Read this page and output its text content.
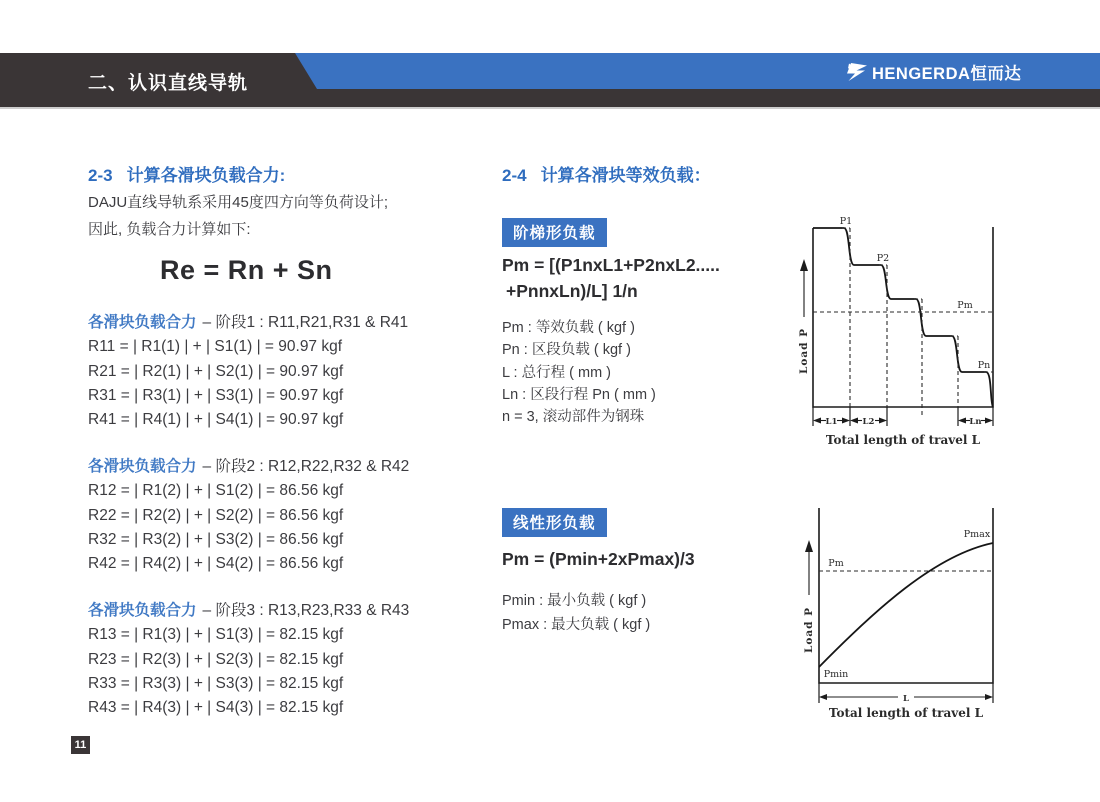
二、认识直线导轨	HENGERDA恒而达
2-3 计算各滑块负载合力:
DAJU直线导轨系采用45度四方向等负荷设计;
因此, 负载合力计算如下:
Re = Rn + Sn
各滑块负载合力 – 阶段1 : R11,R21,R31 & R41
R11 = | R1(1) | + | S1(1) | = 90.97 kgf
R21 = | R2(1) | + | S2(1) | = 90.97 kgf
R31 = | R3(1) | + | S3(1) | = 90.97 kgf
R41 = | R4(1) | + | S4(1) | = 90.97 kgf
各滑块负载合力 – 阶段2 : R12,R22,R32 & R42
R12 = | R1(2) | + | S1(2) | = 86.56 kgf
R22 = | R2(2) | + | S2(2) | = 86.56 kgf
R32 = | R3(2) | + | S3(2) | = 86.56 kgf
R42 = | R4(2) | + | S4(2) | = 86.56 kgf
各滑块负载合力 – 阶段3 : R13,R23,R33 & R43
R13 = | R1(3) | + | S1(3) | = 82.15 kgf
R23 = | R2(3) | + | S2(3) | = 82.15 kgf
R33 = | R3(3) | + | S3(3) | = 82.15 kgf
R43 = | R4(3) | + | S4(3) | = 82.15 kgf
2-4 计算各滑块等效负载：
阶梯形负载
Pm = [(P1nxL1+P2nxL2.....
+PnnxLn)/L] 1/n
Pm : 等效负载 ( kgf )
Pn : 区段负载 ( kgf )
L : 总行程 ( mm )
Ln : 区段行程 Pn ( mm )
n = 3, 滚动部件为钢珠
线性形负载
Pm = (Pmin+2xPmax)/3
Pmin : 最小负载 ( kgf )
Pmax : 最大负载 ( kgf )
Load P
P1
P2
Pm
Pn
L1	L2	Ln
Total length of travel L
Load P
Pm
Pmax
Pmin
L
Total length of travel L
11
